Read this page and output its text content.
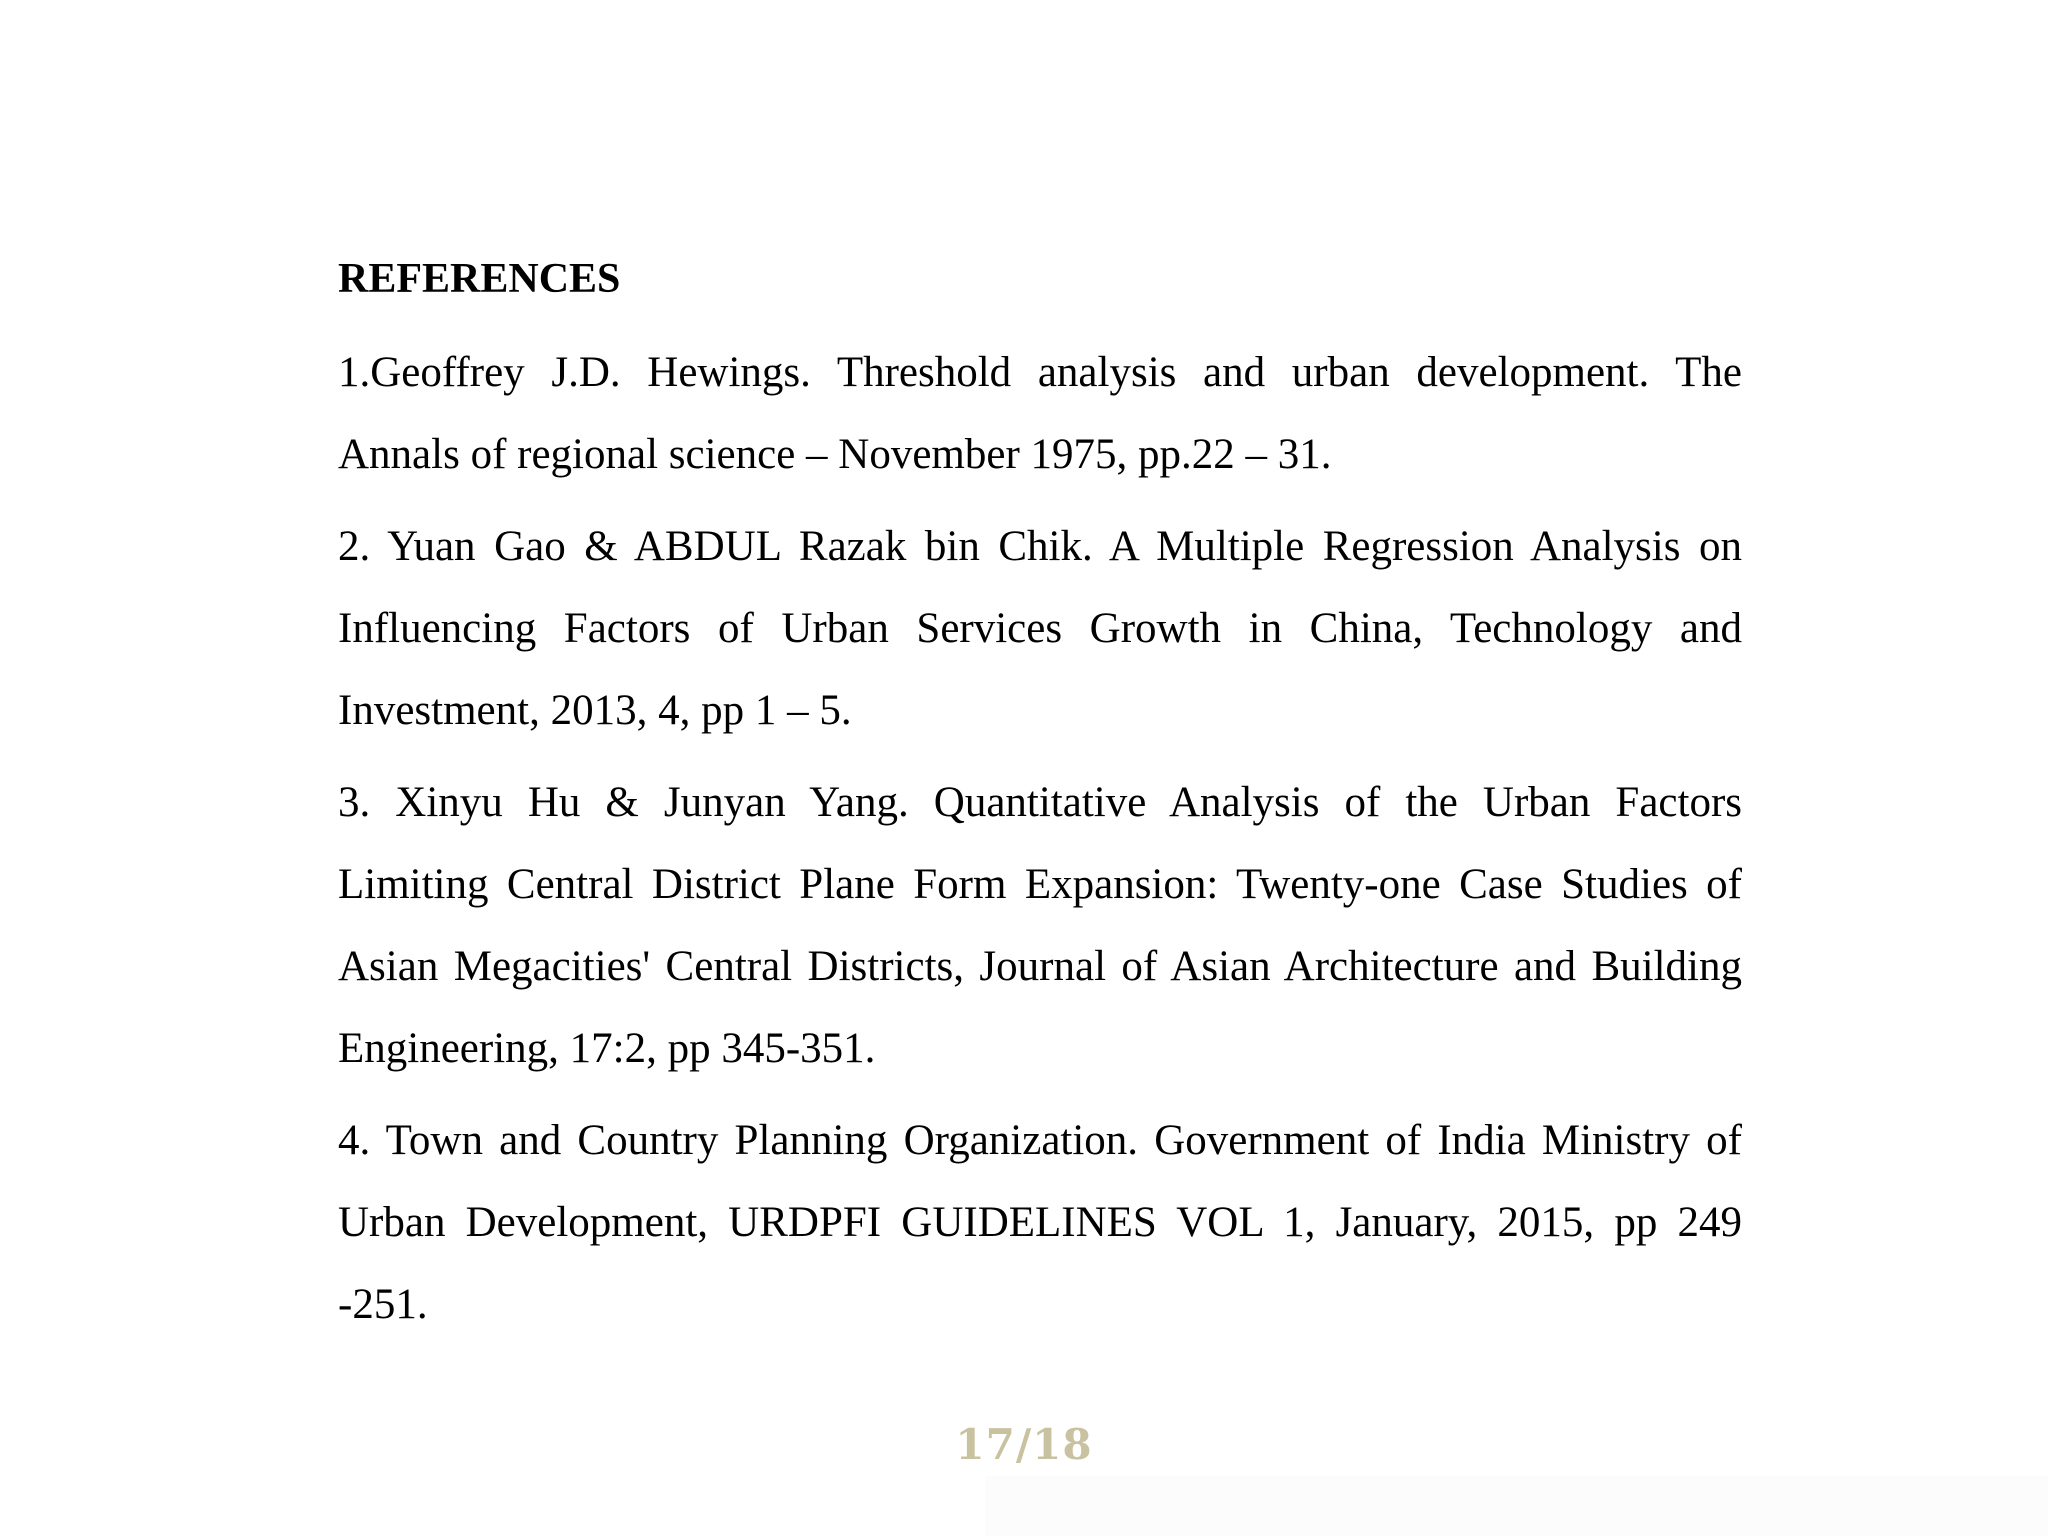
REFERENCES

1.Geoffrey J.D. Hewings. Threshold analysis and urban development. The Annals of regional science – November 1975, pp.22 – 31.

2. Yuan Gao & ABDUL Razak bin Chik. A Multiple Regression Analysis on Influencing Factors of Urban Services Growth in China, Technology and Investment, 2013, 4, pp 1 – 5.

3. Xinyu Hu & Junyan Yang. Quantitative Analysis of the Urban Factors Limiting Central District Plane Form Expansion: Twenty-one Case Studies of Asian Megacities' Central Districts, Journal of Asian Architecture and Building Engineering, 17:2, pp 345-351.

4. Town and Country Planning Organization. Government of India Ministry of Urban Development, URDPFI GUIDELINES VOL 1, January, 2015, pp 249 -251.

17/18
